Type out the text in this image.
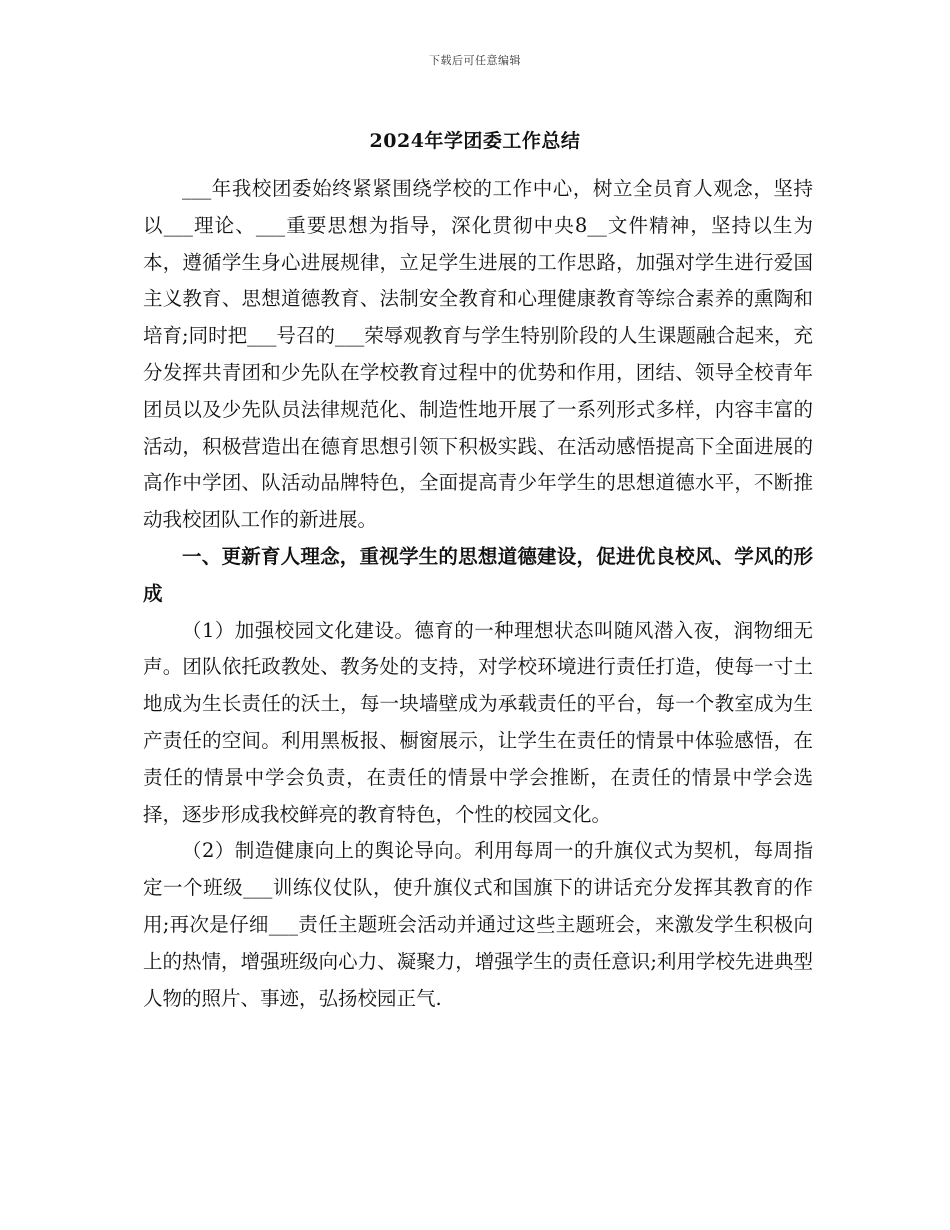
下载后可任意编辑
2024年学团委工作总结

___年我校团委始终紧紧围绕学校的工作中心，树立全员育人观念，坚持以___理论、___重要思想为指导，深化贯彻中央8__文件精神，坚持以生为本，遵循学生身心进展规律，立足学生进展的工作思路，加强对学生进行爱国主义教育、思想道德教育、法制安全教育和心理健康教育等综合素养的熏陶和培育;同时把___号召的___荣辱观教育与学生特别阶段的人生课题融合起来，充分发挥共青团和少先队在学校教育过程中的优势和作用，团结、领导全校青年团员以及少先队员法律规范化、制造性地开展了一系列形式多样，内容丰富的活动，积极营造出在德育思想引领下积极实践、在活动感悟提高下全面进展的高作中学团、队活动品牌特色，全面提高青少年学生的思想道德水平，不断推动我校团队工作的新进展。

一、更新育人理念，重视学生的思想道德建设，促进优良校风、学风的形成

（1）加强校园文化建设。德育的一种理想状态叫随风潜入夜，润物细无声。团队依托政教处、教务处的支持，对学校环境进行责任打造，使每一寸土地成为生长责任的沃土，每一块墙壁成为承载责任的平台，每一个教室成为生产责任的空间。利用黑板报、橱窗展示，让学生在责任的情景中体验感悟，在责任的情景中学会负责，在责任的情景中学会推断，在责任的情景中学会选择，逐步形成我校鲜亮的教育特色，个性的校园文化。

（2）制造健康向上的舆论导向。利用每周一的升旗仪式为契机，每周指定一个班级___训练仪仗队，使升旗仪式和国旗下的讲话充分发挥其教育的作用;再次是仔细___责任主题班会活动并通过这些主题班会，来激发学生积极向上的热情，增强班级向心力、凝聚力，增强学生的责任意识;利用学校先进典型人物的照片、事迹，弘扬校园正气.
